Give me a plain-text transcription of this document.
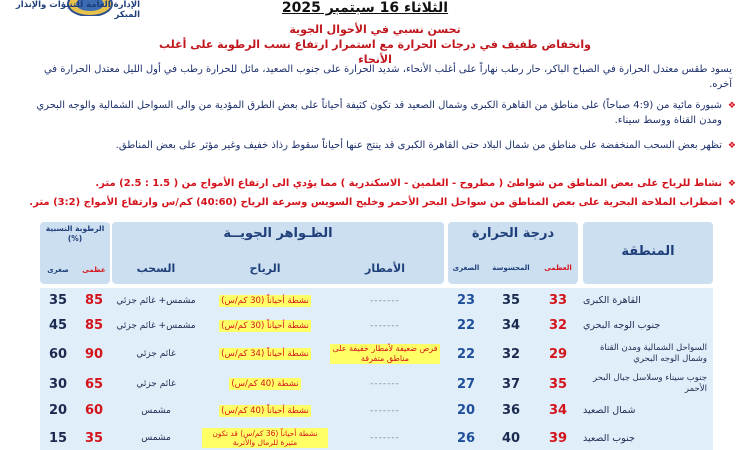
الإدارة العامة للتنبؤات والإنذار المبكر	الثلاثاء 16 سبتمبر 2025
تحسن نسبي في الأحوال الجوية
وانخفاض طفيف في درجات الحرارة مع استمرار ارتفاع نسب الرطوبة على أغلب الأنحاء
يسود طقس معتدل الحرارة في الصباح الباكر، حار رطب نهاراً على أغلب الأنحاء، شديد الحرارة على جنوب الصعيد، مائل للحرارة رطب في أول الليل معتدل الحرارة في آخره.
❖
شبورة مائية من (4:9 صباحاً) على مناطق من القاهرة الكبرى وشمال الصعيد قد تكون كثيفة أحياناً على بعض الطرق المؤدية من والى السواحل الشمالية والوجه البحري ومدن القناة ووسط سيناء.
❖
تظهر بعض السحب المنخفضة على مناطق من شمال البلاد حتى القاهرة الكبرى قد ينتج عنها أحياناً سقوط رذاذ خفيف وغير مؤثر على بعض المناطق.
❖
نشاط للرياح على بعض المناطق من شواطئ ( مطروح - العلمين - الاسكندرية ) مما يؤدي الى ارتفاع الأمواج من ( 1.5 : 2.5) متر.
❖
اضطراب الملاحة البحرية على بعض المناطق من سواحل البحر الأحمر وخليج السويس وسرعة الرياح (40:60) كم/س وارتفاع الأمواج (3:2) متر.
المنطقة
درجة الحرارة
الظـواهر الجويــة
الرطوبة النسبية (%)
العظمى
المحسوسة
الصغرى
الأمطار
الرياح
السحب
عظمى
صغرى
القاهرة الكبرى
33
35
23
-------
نشطة أحياناً (30 كم/س)
مشمس+ غائم جزئي
85
35
جنوب الوجه البحري
32
34
22
-------
نشطة أحياناً (30 كم/س)
مشمس+ غائم جزئي
85
45
السواحل الشمالية ومدن القناة وشمال الوجه البحري
29
32
22
فرص ضعيفة لأمطار خفيفة على مناطق متفرقة
نشطة أحياناً (34 كم/س)
غائم جزئي
90
60
جنوب سيناء وسلاسل جبال البحر الأحمر
35
37
27
-------
نشطة (40 كم/س)
غائم جزئي
65
30
شمال الصعيد
34
36
20
-------
نشطة أحياناً (40 كم/س)
مشمس
60
20
جنوب الصعيد
39
40
26
-------
نشطة أحياناً (36 كم/س) قد تكون مثيرة للرمال والأتربة
مشمس
35
15
